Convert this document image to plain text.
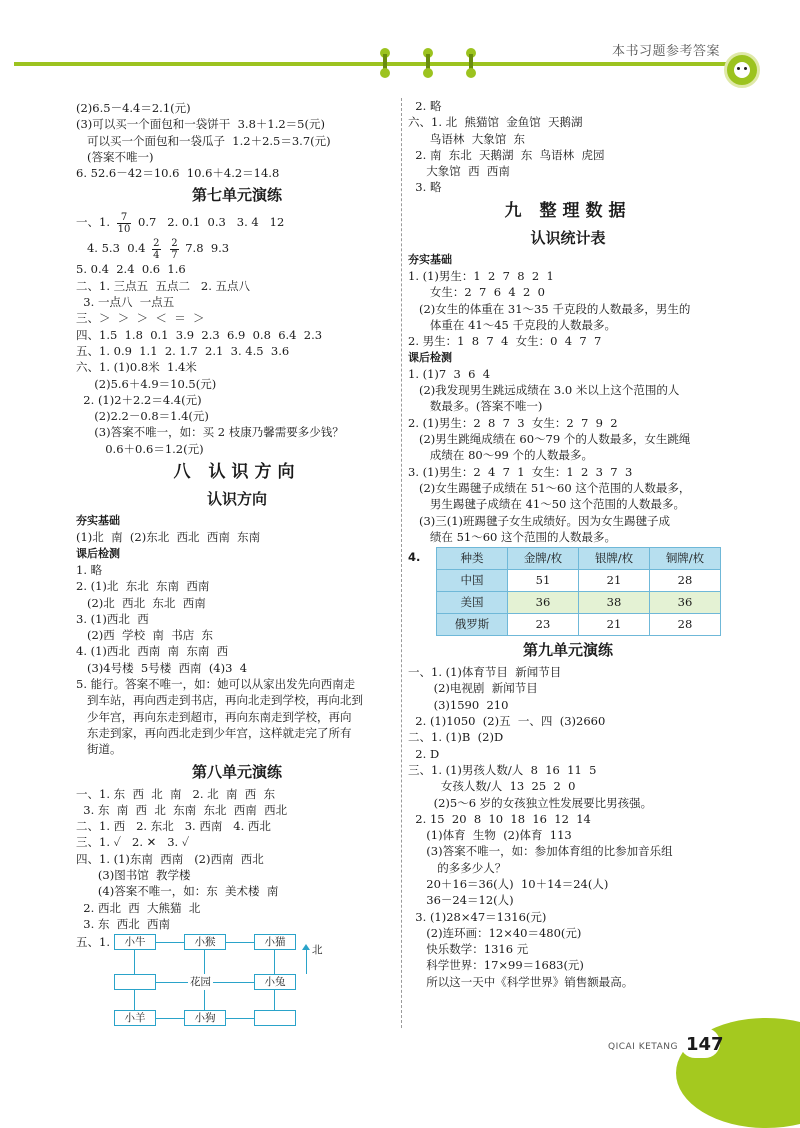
本书习题参考答案
(2)6.5－4.4＝2.1(元)
(3)可以买一个面包和一袋饼干  3.8＋1.2＝5(元)
可以买一个面包和一袋瓜子  1.2＋2.5＝3.7(元)
(答案不唯一)
6. 52.6－42＝10.6  10.6＋4.2＝14.8
第七单元演练
一、1. $\frac{7}{10} 0.7$   2. 0.1  0.3   3. 4   12
4. 5.3  $0.4 \frac{2}{4}$
$\frac{2}{7} 7.8$  9.3
5. 0.4  2.4  0.6  1.6
二、1. 三点五  五点二   2. 五点八
3. 一点八  一点五
三、＞  ＞  ＞  ＜  ＝  ＞
四、1.5  1.8  0.1  3.9  2.3  6.9  0.8  6.4  2.3
五、1. 0.9  1.1  2. 1.7  2.1  3. 4.5  3.6
六、1. (1)0.8米  1.4米
(2)5.6＋4.9＝10.5(元)
2. (1)2＋2.2＝4.4(元)
(2)2.2－0.8＝1.4(元)
(3)答案不唯一，如：买 2 枝康乃馨需要多少钱？
0.6＋0.6＝1.2(元)
八 认识方向
认识方向
夯实基础
(1)北  南  (2)东北  西北  西南  东南
课后检测
1. 略
2. (1)北  东北  东南  西南
(2)北  西北  东北  西南
3. (1)西北  西
(2)西  学校  南  书店  东
4. (1)西北  西南  南  东南  西
(3)4号楼  5号楼  西南  (4)3  4
5. 能行。答案不唯一，如：她可以从家出发先向西南走
到车站，再向西走到书店，再向北走到学校，再向北到
少年宫，再向东走到超市，再向东南走到学校，再向
东走到家，再向西北走到少年宫，这样就走完了所有
街道。
第八单元演练
一、1. 东  西  北  南   2. 北  南  西  东
3. 东  南  西  北  东南  东北  西南  西北
二、1. 西   2. 东北   3. 西南   4. 西北
三、1. ✓   2. ✕   3. ✓
四、1. (1)东南  西南   (2)西南  西北
(3)图书馆  教学楼
(4)答案不唯一，如：东  美术楼  南
2. 西北  西  大熊猫  北
3. 东  西北  西南
五、1.	小牛	小猴	小猫
花园	小兔
小羊	小狗
北
2. 略
六、1. 北  熊猫馆  金鱼馆  天鹅湖
鸟语林  大象馆  东
2. 南  东北  天鹅湖  东  鸟语林  虎园
大象馆  西  西南
3. 略
九 整理数据
认识统计表
夯实基础
1. (1)男生：1  2  7  8  2  1
女生：2  7  6  4  2  0
(2)女生的体重在 31～35 千克段的人数最多，男生的
体重在 41～45 千克段的人数最多。
2. 男生：1  8  7  4  女生：0  4  7  7
课后检测
1. (1)7  3  6  4
(2)我发现男生跳远成绩在 3.0 米以上这个范围的人
数最多。(答案不唯一)
2. (1)男生：2  8  7  3  女生：2  7  9  2
(2)男生跳绳成绩在 60～79 个的人数最多，女生跳绳
成绩在 80～99 个的人数最多。
3. (1)男生：2  4  7  1  女生：1  2  3  7  3
(2)女生踢毽子成绩在 51～60 这个范围的人数最多，
男生踢毽子成绩在 41～50 这个范围的人数最多。
(3)三(1)班踢毽子女生成绩好。因为女生踢毽子成
绩在 51～60 这个范围的人数最多。
4.	种类	金牌/枚	银牌/枚	铜牌/枚
中国	51	21	28
美国	36	38	36
俄罗斯	23	21	28
第九单元演练
一、1. (1)体育节目  新闻节目
(2)电视剧  新闻节目
(3)1590  210
2. (1)1050  (2)五  一、四  (3)2660
二、1. (1)B  (2)D
2. D
三、1. (1)男孩人数/人  8  16  11  5
女孩人数/人  13  25  2  0
(2)5～6 岁的女孩独立性发展要比男孩强。
2. 15  20  8  10  18  16  12  14
(1)体育  生物  (2)体育  113
(3)答案不唯一，如：参加体育组的比参加音乐组
的多多少人？
20＋16＝36(人)  10＋14＝24(人)
36－24＝12(人)
3. (1)28×47＝1316(元)
(2)连环画：12×40＝480(元)
快乐数学：1316 元
科学世界：17×99＝1683(元)
所以这一天中《科学世界》销售额最高。
147
QICAI KETANG
